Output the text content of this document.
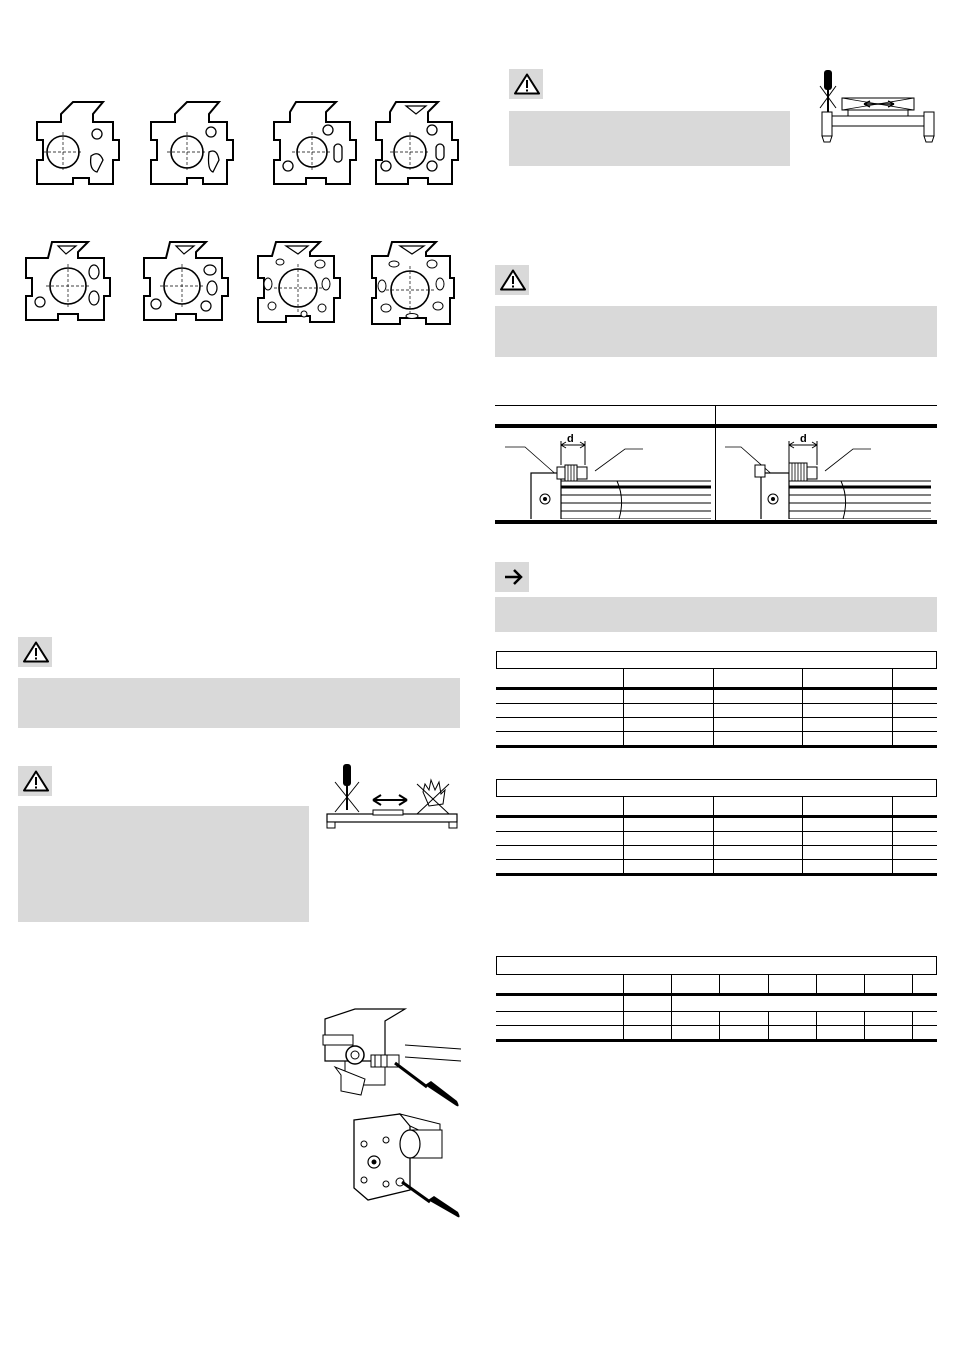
d	d
